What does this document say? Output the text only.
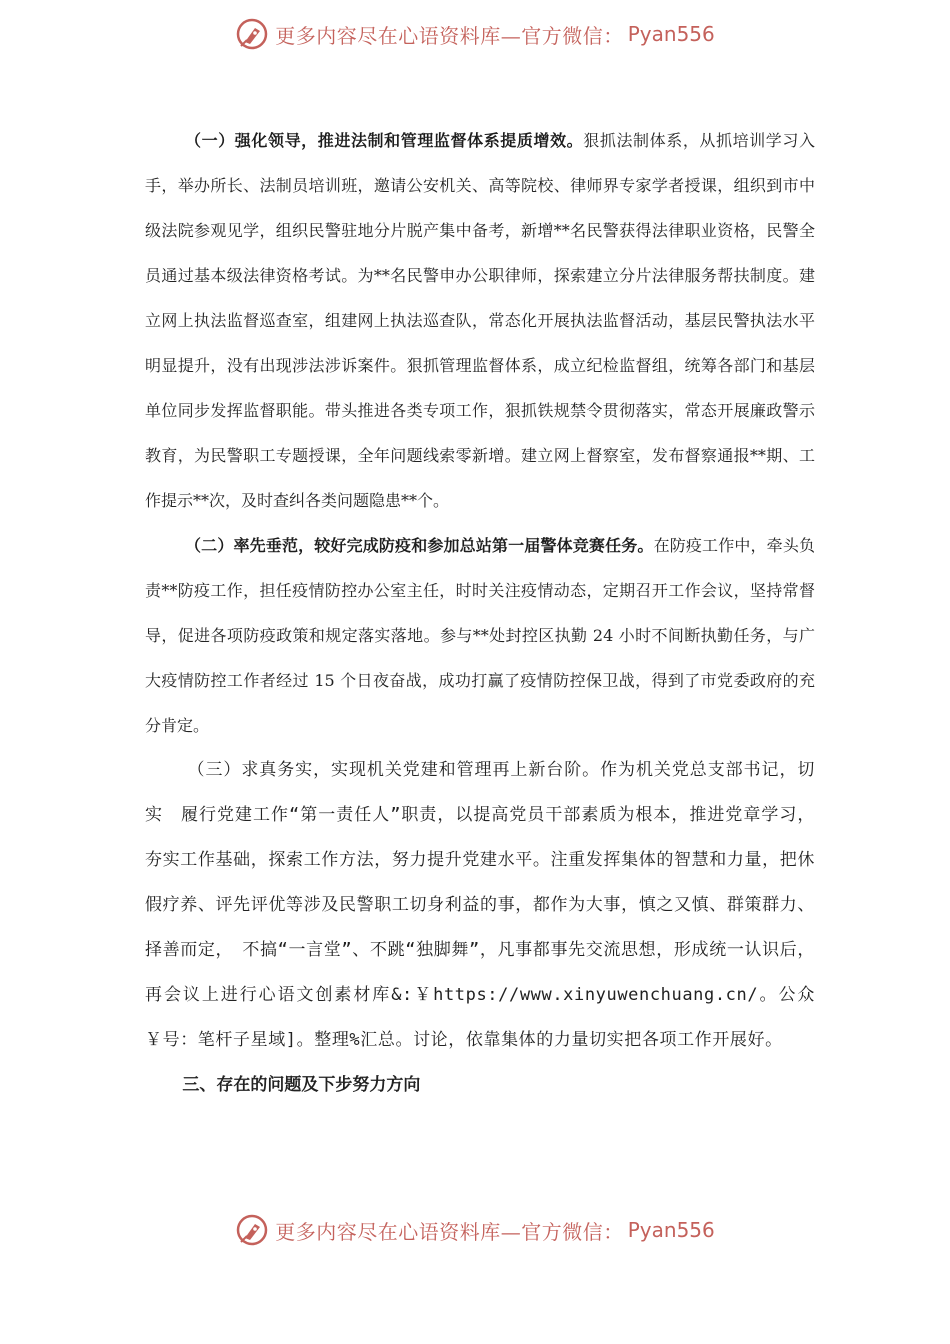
更多内容尽在心语资料库—官方微信： Pyan556

（一）强化领导，推进法制和管理监督体系提质增效。狠抓法制体系，从抓培训学习入手，举办所长、法制员培训班，邀请公安机关、高等院校、律师界专家学者授课，组织到市中级法院参观见学，组织民警驻地分片脱产集中备考，新增**名民警获得法律职业资格，民警全员通过基本级法律资格考试。为**名民警申办公职律师，探索建立分片法律服务帮扶制度。建立网上执法监督巡查室，组建网上执法巡查队，常态化开展执法监督活动，基层民警执法水平明显提升，没有出现涉法涉诉案件。狠抓管理监督体系，成立纪检监督组，统筹各部门和基层单位同步发挥监督职能。带头推进各类专项工作，狠抓铁规禁令贯彻落实，常态开展廉政警示教育，为民警职工专题授课，全年问题线索零新增。建立网上督察室，发布督察通报**期、工作提示**次，及时查纠各类问题隐患**个。

（二）率先垂范，较好完成防疫和参加总站第一届警体竞赛任务。在防疫工作中，牵头负责**防疫工作，担任疫情防控办公室主任，时时关注疫情动态，定期召开工作会议，坚持常督导，促进各项防疫政策和规定落实落地。参与**处封控区执勤 24 小时不间断执勤任务，与广大疫情防控工作者经过 15 个日夜奋战，成功打赢了疫情防控保卫战，得到了市党委政府的充分肯定。

（三）求真务实，实现机关党建和管理再上新台阶。作为机关党总支部书记，切实　履行党建工作“第一责任人”职责，以提高党员干部素质为根本，推进党章学习，夯实工作基础，探索工作方法，努力提升党建水平。注重发挥集体的智慧和力量，把休假疗养、评先评优等涉及民警职工切身利益的事，都作为大事，慎之又慎、群策群力、择善而定，　不搞“一言堂”、不跳“独脚舞”，凡事都事先交流思想，形成统一认识后，再会议上进行心语文创素材库&:￥https://www.xinyuwenchuang.cn/。公众￥号：笔杆子星域]。整理%汇总。讨论，依靠集体的力量切实把各项工作开展好。

三、存在的问题及下步努力方向

更多内容尽在心语资料库—官方微信： Pyan556
